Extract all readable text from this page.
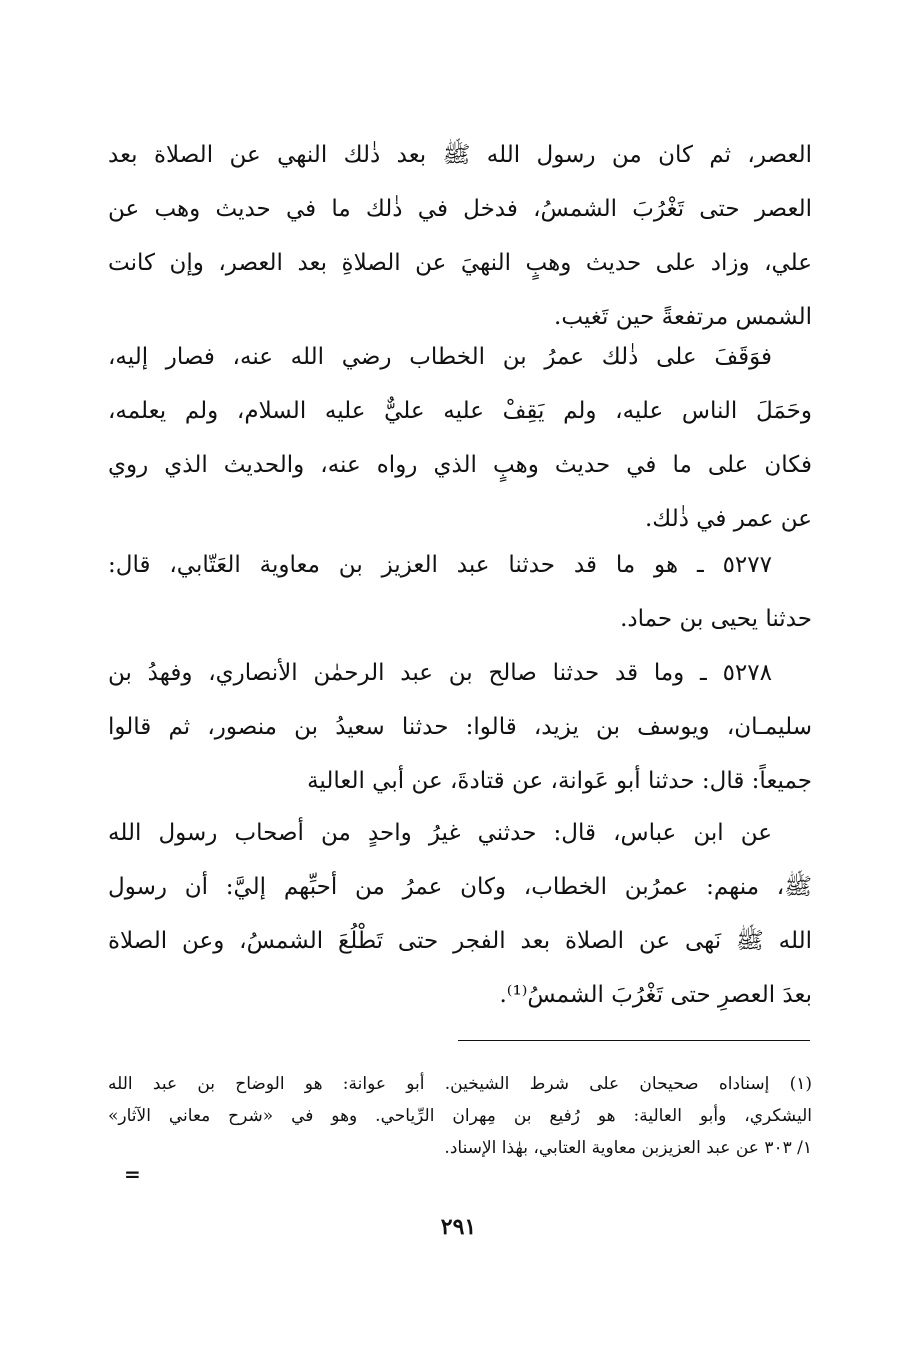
العصر، ثم كان من رسول الله ﷺ بعد ذٰلك النهي عن الصلاة بعد
العصر حتى تَغْرُبَ الشمسُ، فدخل في ذٰلك ما في حديث وهب عن
علي، وزاد على حديث وهبٍ النهيَ عن الصلاةِ بعد العصر، وإن كانت
الشمس مرتفعةً حين تَغيب.
فوَقَفَ على ذٰلك عمرُ بن الخطاب رضي الله عنه، فصار إليه،
وحَمَلَ الناس عليه، ولم يَقِفْ عليه عليٌّ عليه السلام، ولم يعلمه،
فكان على ما في حديث وهبٍ الذي رواه عنه، والحديث الذي روي
عن عمر في ذٰلك.
٥٢٧٧ ـ هو ما قد حدثنا عبد العزيز بن معاوية العَتّابي، قال:
حدثنا يحيى بن حماد.
٥٢٧٨ ـ وما قد حدثنا صالح بن عبد الرحمٰن الأنصاري، وفهدُ بن
سليمـان، ويوسف بن يزيد، قالوا: حدثنا سعيدُ بن منصور، ثم قالوا
جميعاً: قال: حدثنا أبو عَوانة، عن قتادةَ، عن أبي العالية
عن ابن عباس، قال: حدثني غيرُ واحدٍ من أصحاب رسول الله
ﷺ، منهم: عمرُبن الخطاب، وكان عمرُ من أحبِّهم إليَّ: أن رسول
الله ﷺ نَهى عن الصلاة بعد الفجر حتى تَطْلُعَ الشمسُ، وعن الصلاة
بعدَ العصرِ حتى تَغْرُبَ الشمسُ⁽¹⁾.
(١) إسناداه صحيحان على شرط الشيخين. أبو عوانة: هو الوضاح بن عبد الله
اليشكري، وأبو العالية: هو رُفيع بن مِهران الرِّياحي. وهو في «شرح معاني الآثار»
١/ ٣٠٣ عن عبد العزيزبن معاوية العتابي، بهٰذا الإسناد.
=
٢٩١
